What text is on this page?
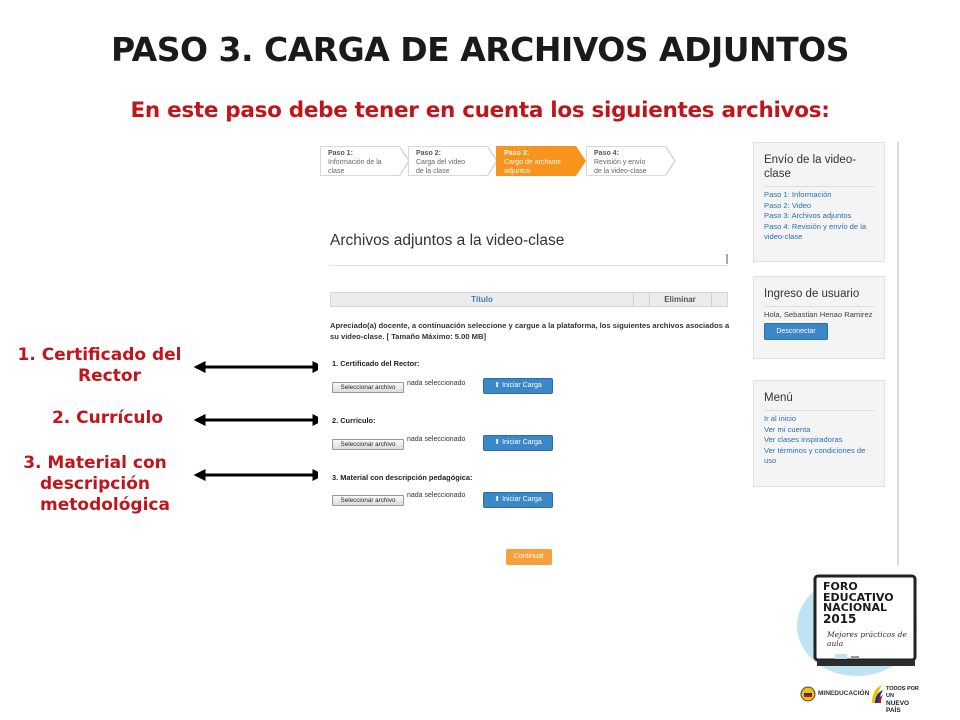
PASO 3. CARGA DE ARCHIVOS ADJUNTOS
En este paso debe tener en cuenta los siguientes archivos:
1. Certificado del
Rector
2. Currículo
3. Material con
descripción
metodológica
Paso 1:
Información de la
clase
Paso 2:
Carga del video
de la clase
Paso 3:
Cargo de archivos
adjuntos
Paso 4:
Revisión y envío
de la video-clase
Archivos adjuntos a la video-clase
Título	Eliminar
Apreciado(a) docente, a continuación seleccione y cargue a la plataforma, los siguientes archivos asociados a su video-clase. [ Tamaño Máximo: 5.00 MB]
1. Certificado del Rector:
Seleccionar archivo
nada seleccionado	⬆︎ Iniciar Carga
2. Currículo:
Seleccionar archivo
nada seleccionado	⬆︎ Iniciar Carga
3. Material con descripción pedagógica:
Seleccionar archivo
nada seleccionado
⬆︎ Iniciar Carga
Continuar
Envío de la video-clase
Paso 1: Información
Paso 2: Video
Paso 3: Archivos adjuntos
Paso 4: Revisión y envío de la video-clase
Ingreso de usuario
Hola, Sebastian Henao Ramirez
Desconectar
Menú
Ir al inicio
Ver mi cuenta
Ver clases inspiradoras
Ver términos y condiciones de uso
FORO
EDUCATIVO
NACIONAL
2015
Mejores prácticos de aula
MINEDUCACIÓN
TODOS POR UN
NUEVO PAÍS
